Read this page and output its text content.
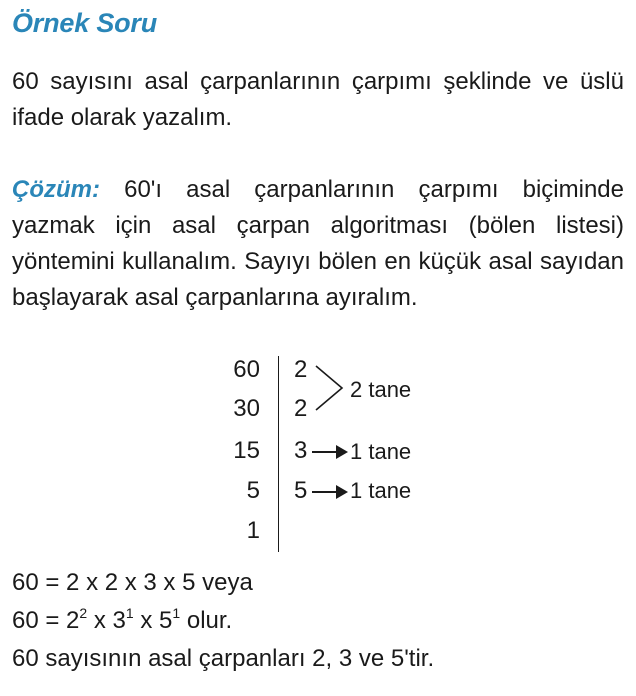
Örnek Soru

60 sayısını asal çarpanlarının çarpımı şeklinde ve üslü ifade olarak yazalım.

Çözüm: 60'ı asal çarpanlarının çarpımı biçiminde yazmak için asal çarpan algoritması (bölen listesi) yöntemini kullanalım. Sayıyı bölen en küçük asal sayıdan başlayarak asal çarpanlarına ayıralım.

60
30
15
5
1
2
2
3
5
2 tane
1 tane
1 tane

60 = 2 x 2 x 3 x 5 veya

$60 = 2^2$ x $3^1$ x $5^1$ olur.

60 sayısının asal çarpanları 2, 3 ve 5'tir.
